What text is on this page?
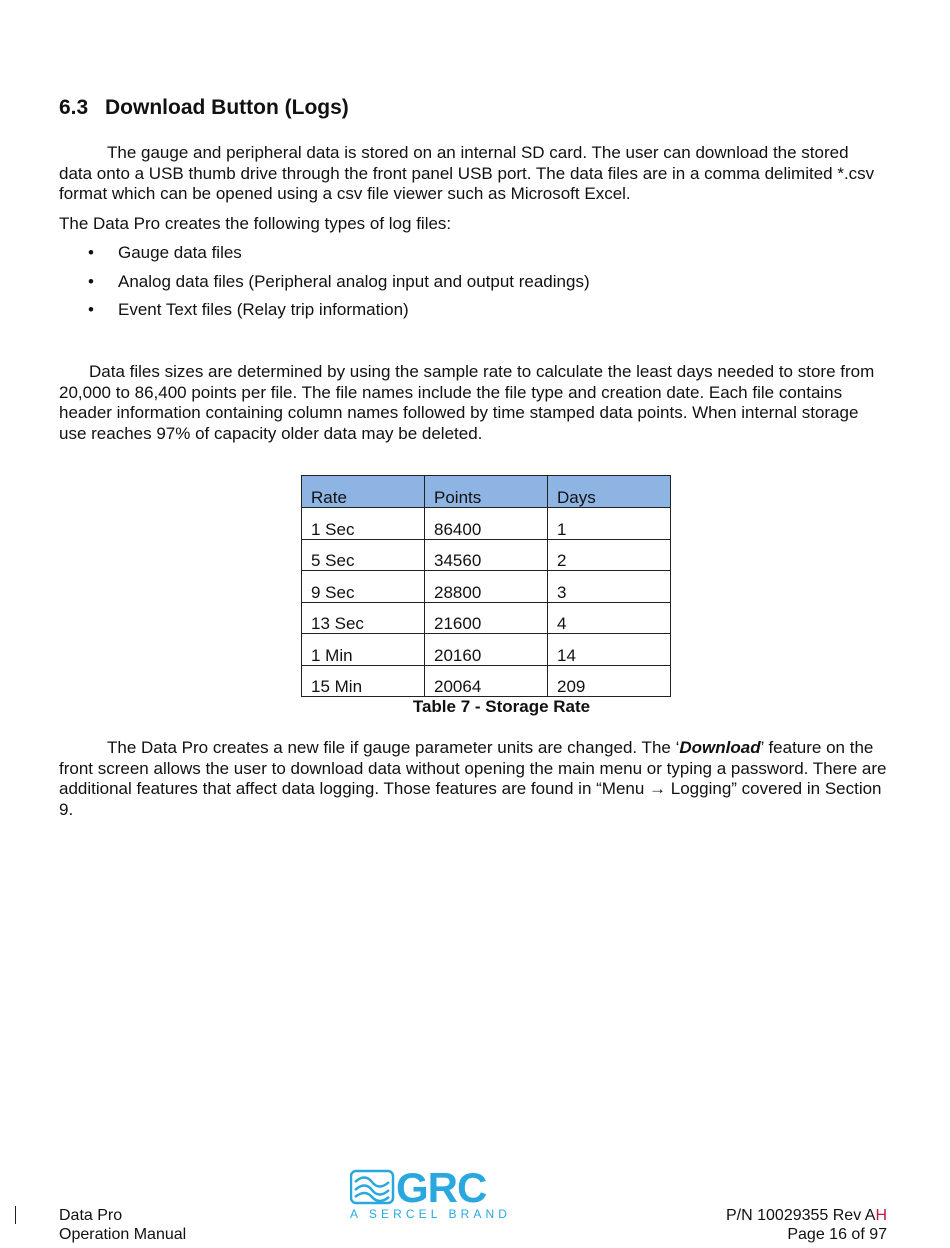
6.3 Download Button (Logs)

The gauge and peripheral data is stored on an internal SD card. The user can download the stored data onto a USB thumb drive through the front panel USB port. The data files are in a comma delimited *.csv format which can be opened using a csv file viewer such as Microsoft Excel.

The Data Pro creates the following types of log files:

• Gauge data files
• Analog data files (Peripheral analog input and output readings)
• Event Text files (Relay trip information)

Data files sizes are determined by using the sample rate to calculate the least days needed to store from 20,000 to 86,400 points per file. The file names include the file type and creation date. Each file contains header information containing column names followed by time stamped data points. When internal storage use reaches 97% of capacity older data may be deleted.

Rate	Points	Days
1 Sec	86400	1
5 Sec	34560	2
9 Sec	28800	3
13 Sec	21600	4
1 Min	20160	14
15 Min	20064	209
Table 7 - Storage Rate

The Data Pro creates a new file if gauge parameter units are changed. The ‘Download’ feature on the front screen allows the user to download data without opening the main menu or typing a password. There are additional features that affect data logging. Those features are found in “Menu → Logging” covered in Section 9.

Data Pro
Operation Manual
P/N 10029355 Rev AH
Page 16 of 97
GRC
A SERCEL BRAND
